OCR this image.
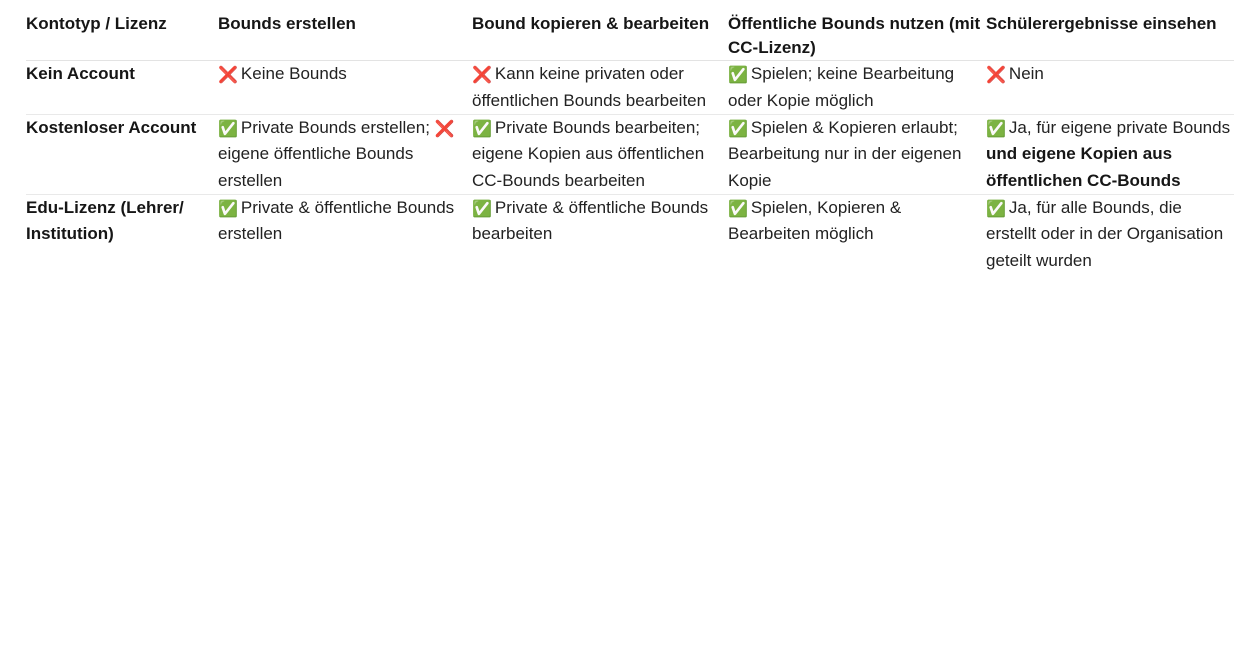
Kontotyp / Lizenz	Bounds erstellen	Bound kopieren & bearbeiten	Öffentliche Bounds nutzen (mit CC-Lizenz)	Schülerergebnisse einsehen
Kein Account	❌ Keine Bounds	❌ Kann keine privaten oder öffentlichen Bounds bearbeiten	✅ Spielen; keine Bearbeitung oder Kopie möglich	❌ Nein
Kostenloser Account	✅ Private Bounds erstellen; ❌eigene öffentliche Bounds erstellen	✅ Private Bounds bearbeiten; eigene Kopien aus öffentlichen CC-Bounds bearbeiten	✅ Spielen & Kopieren erlaubt; Bearbeitung nur in der eigenen Kopie	✅ Ja, für eigene private Bounds und eigene Kopien aus öffentlichen CC-Bounds
Edu-Lizenz (Lehrer/ Institution)	✅ Private & öffentliche Bounds erstellen	✅ Private & öffentliche Bounds bearbeiten	✅ Spielen, Kopieren & Bearbeiten möglich	✅ Ja, für alle Bounds, die erstellt oder in der Organisation geteilt wurden
